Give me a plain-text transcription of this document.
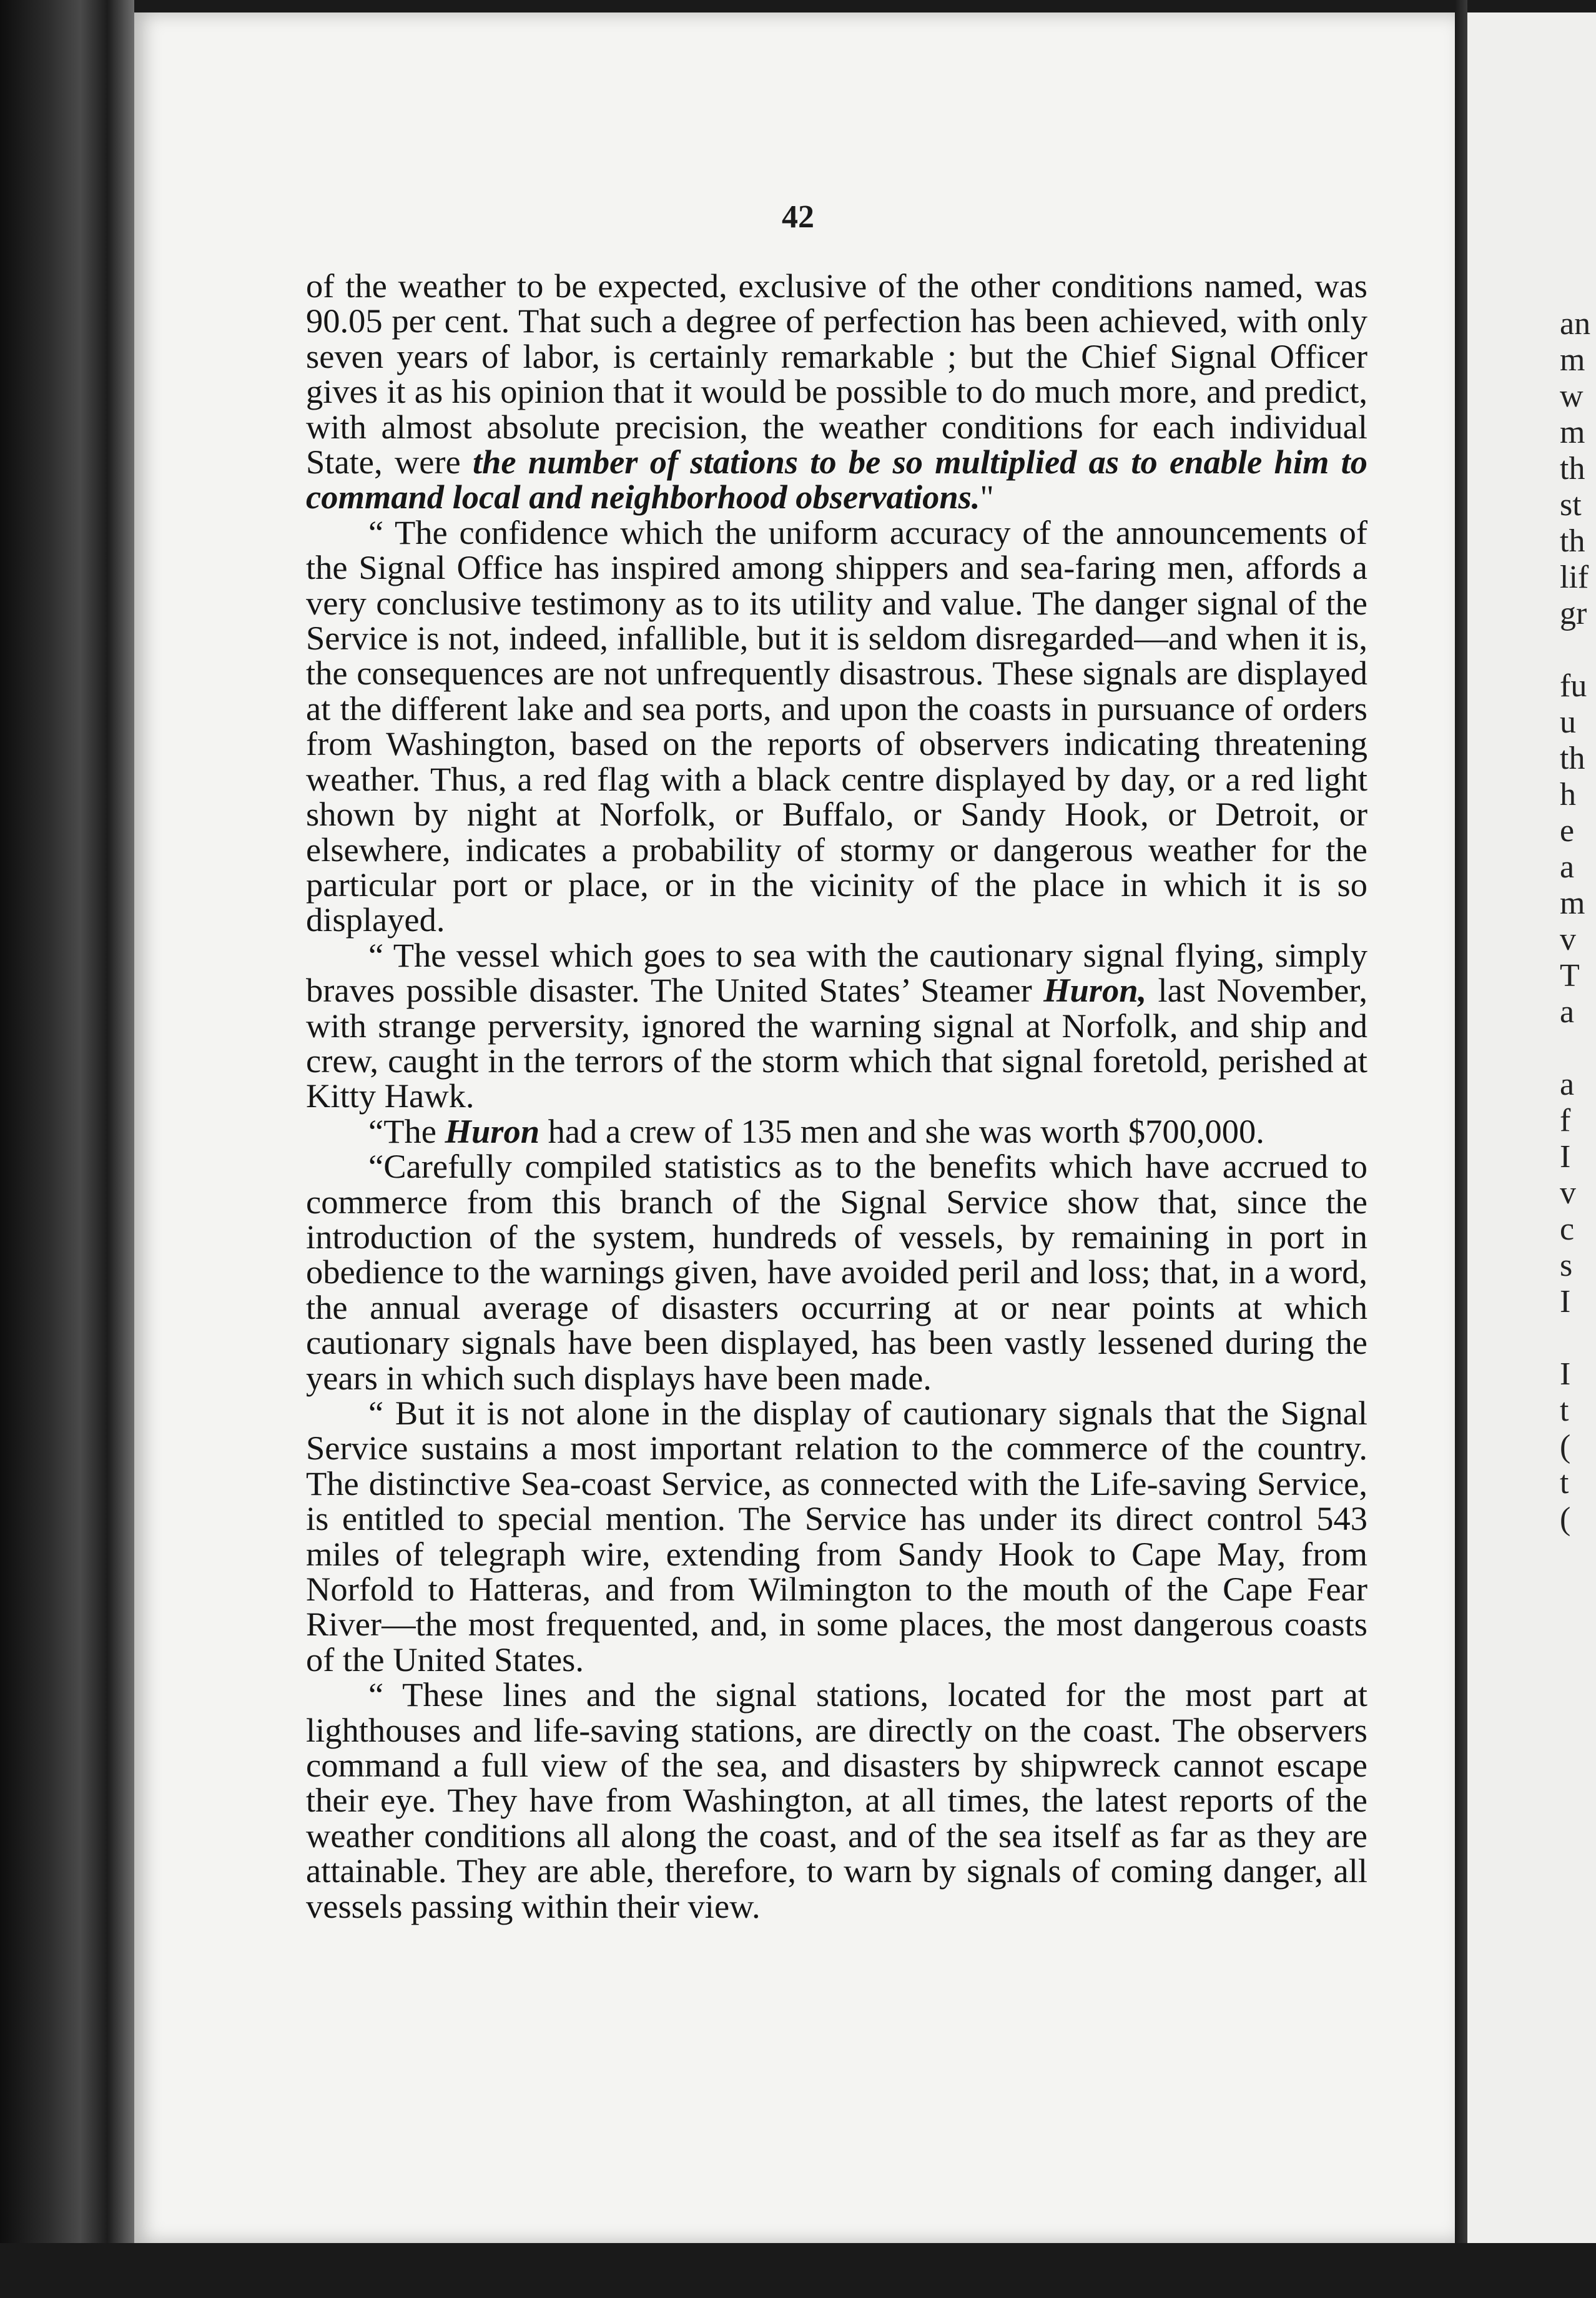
42

of the weather to be expected, exclusive of the other conditions named, was 90.05 per cent. That such a degree of perfection has been achieved, with only seven years of labor, is certainly remarkable ; but the Chief Signal Officer gives it as his opinion that it would be possible to do much more, and predict, with almost absolute precision, the weather conditions for each individual State, were the number of stations to be so multiplied as to enable him to command local and neighborhood observations."

“ The confidence which the uniform accuracy of the announcements of the Signal Office has inspired among shippers and sea-faring men, affords a very conclusive testimony as to its utility and value. The danger signal of the Service is not, indeed, infallible, but it is seldom disregarded—and when it is, the consequences are not unfrequently disastrous. These signals are displayed at the different lake and sea ports, and upon the coasts in pursuance of orders from Washington, based on the reports of observers indicating threatening weather. Thus, a red flag with a black centre displayed by day, or a red light shown by night at Norfolk, or Buffalo, or Sandy Hook, or Detroit, or elsewhere, indicates a probability of stormy or dangerous weather for the particular port or place, or in the vicinity of the place in which it is so displayed.

“ The vessel which goes to sea with the cautionary signal flying, simply braves possible disaster. The United States’ Steamer Huron, last November, with strange perversity, ignored the warning signal at Norfolk, and ship and crew, caught in the terrors of the storm which that signal foretold, perished at Kitty Hawk.

“The Huron had a crew of 135 men and she was worth $700,000.

“Carefully compiled statistics as to the benefits which have accrued to commerce from this branch of the Signal Service show that, since the introduction of the system, hundreds of vessels, by remaining in port in obedience to the warnings given, have avoided peril and loss; that, in a word, the annual average of disasters occurring at or near points at which cautionary signals have been displayed, has been vastly lessened during the years in which such displays have been made.

“ But it is not alone in the display of cautionary signals that the Signal Service sustains a most important relation to the commerce of the country. The distinctive Sea-coast Service, as connected with the Life-saving Service, is entitled to special mention. The Service has under its direct control 543 miles of telegraph wire, extending from Sandy Hook to Cape May, from Norfold to Hatteras, and from Wilmington to the mouth of the Cape Fear River—the most frequented, and, in some places, the most dangerous coasts of the United States.

“ These lines and the signal stations, located for the most part at lighthouses and life-saving stations, are directly on the coast. The observers command a full view of the sea, and disasters by shipwreck cannot escape their eye. They have from Washington, at all times, the latest reports of the weather conditions all along the coast, and of the sea itself as far as they are attainable. They are able, therefore, to warn by signals of coming danger, all vessels passing within their view.

an
m
w
m
th
st
th
lif
gr
fu
u
th
h
e
a
m
v
T
a
a
f
I
v
c
s
I
I
t
(
t
(
